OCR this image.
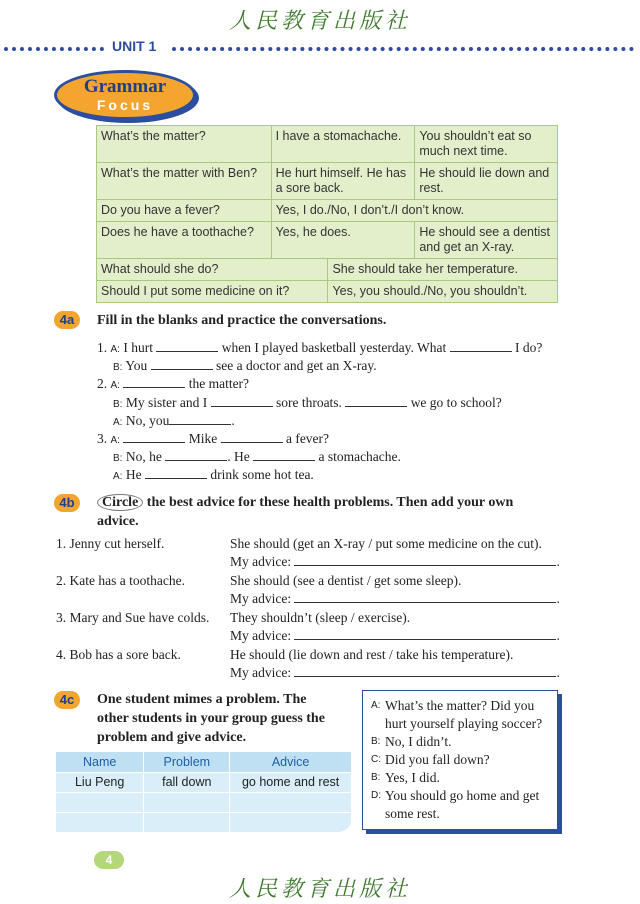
人民教育出版社
UNIT 1
Grammar
Focus
What’s the matter?	I have a stomachache.		You shouldn’t eat so much next time.
What’s the matter with Ben?	He hurt himself. He has a sore back.		He should lie down and rest.
Do you have a fever?	Yes, I do./No, I don’t./I don’t know.		
Does he have a toothache?	Yes, he does.		He should see a dentist and get an X-ray.
What should she do?		She should take her temperature.	
Should I put some medicine on it?		Yes, you should./No, you shouldn’t.	
4a	Fill in the blanks and practice the conversations.
1. A: I hurt	when I played basketball yesterday. What	I do?
B: You	see a doctor and get an X-ray.
2. A:	the matter?
B: My sister and I	sore throats.	we go to school?
A: No, you	.
3. A:	Mike	a fever?
B: No, he	. He	a stomachache.
A: He	drink some hot tea.
4b	Circle the best advice for these health problems. Then add your own
advice.
1. Jenny cut herself.	She should (get an X-ray / put some medicine on the cut).
My advice:	.
2. Kate has a toothache.	She should (see a dentist / get some sleep).
My advice:	.
3. Mary and Sue have colds. They shouldn’t (sleep / exercise).
My advice:	.
4. Bob has a sore back.	He should (lie down and rest / take his temperature).
My advice:	.
4c	One student mimes a problem. The
other students in your group guess the
problem and give advice.
Name	Problem	Advice
Liu Peng	fall down	go home and rest

A: What’s the matter? Did you
hurt yourself playing soccer?
B: No, I didn’t.
C: Did you fall down?
B: Yes, I did.
D: You should go home and get
some rest.
4
人民教育出版社
